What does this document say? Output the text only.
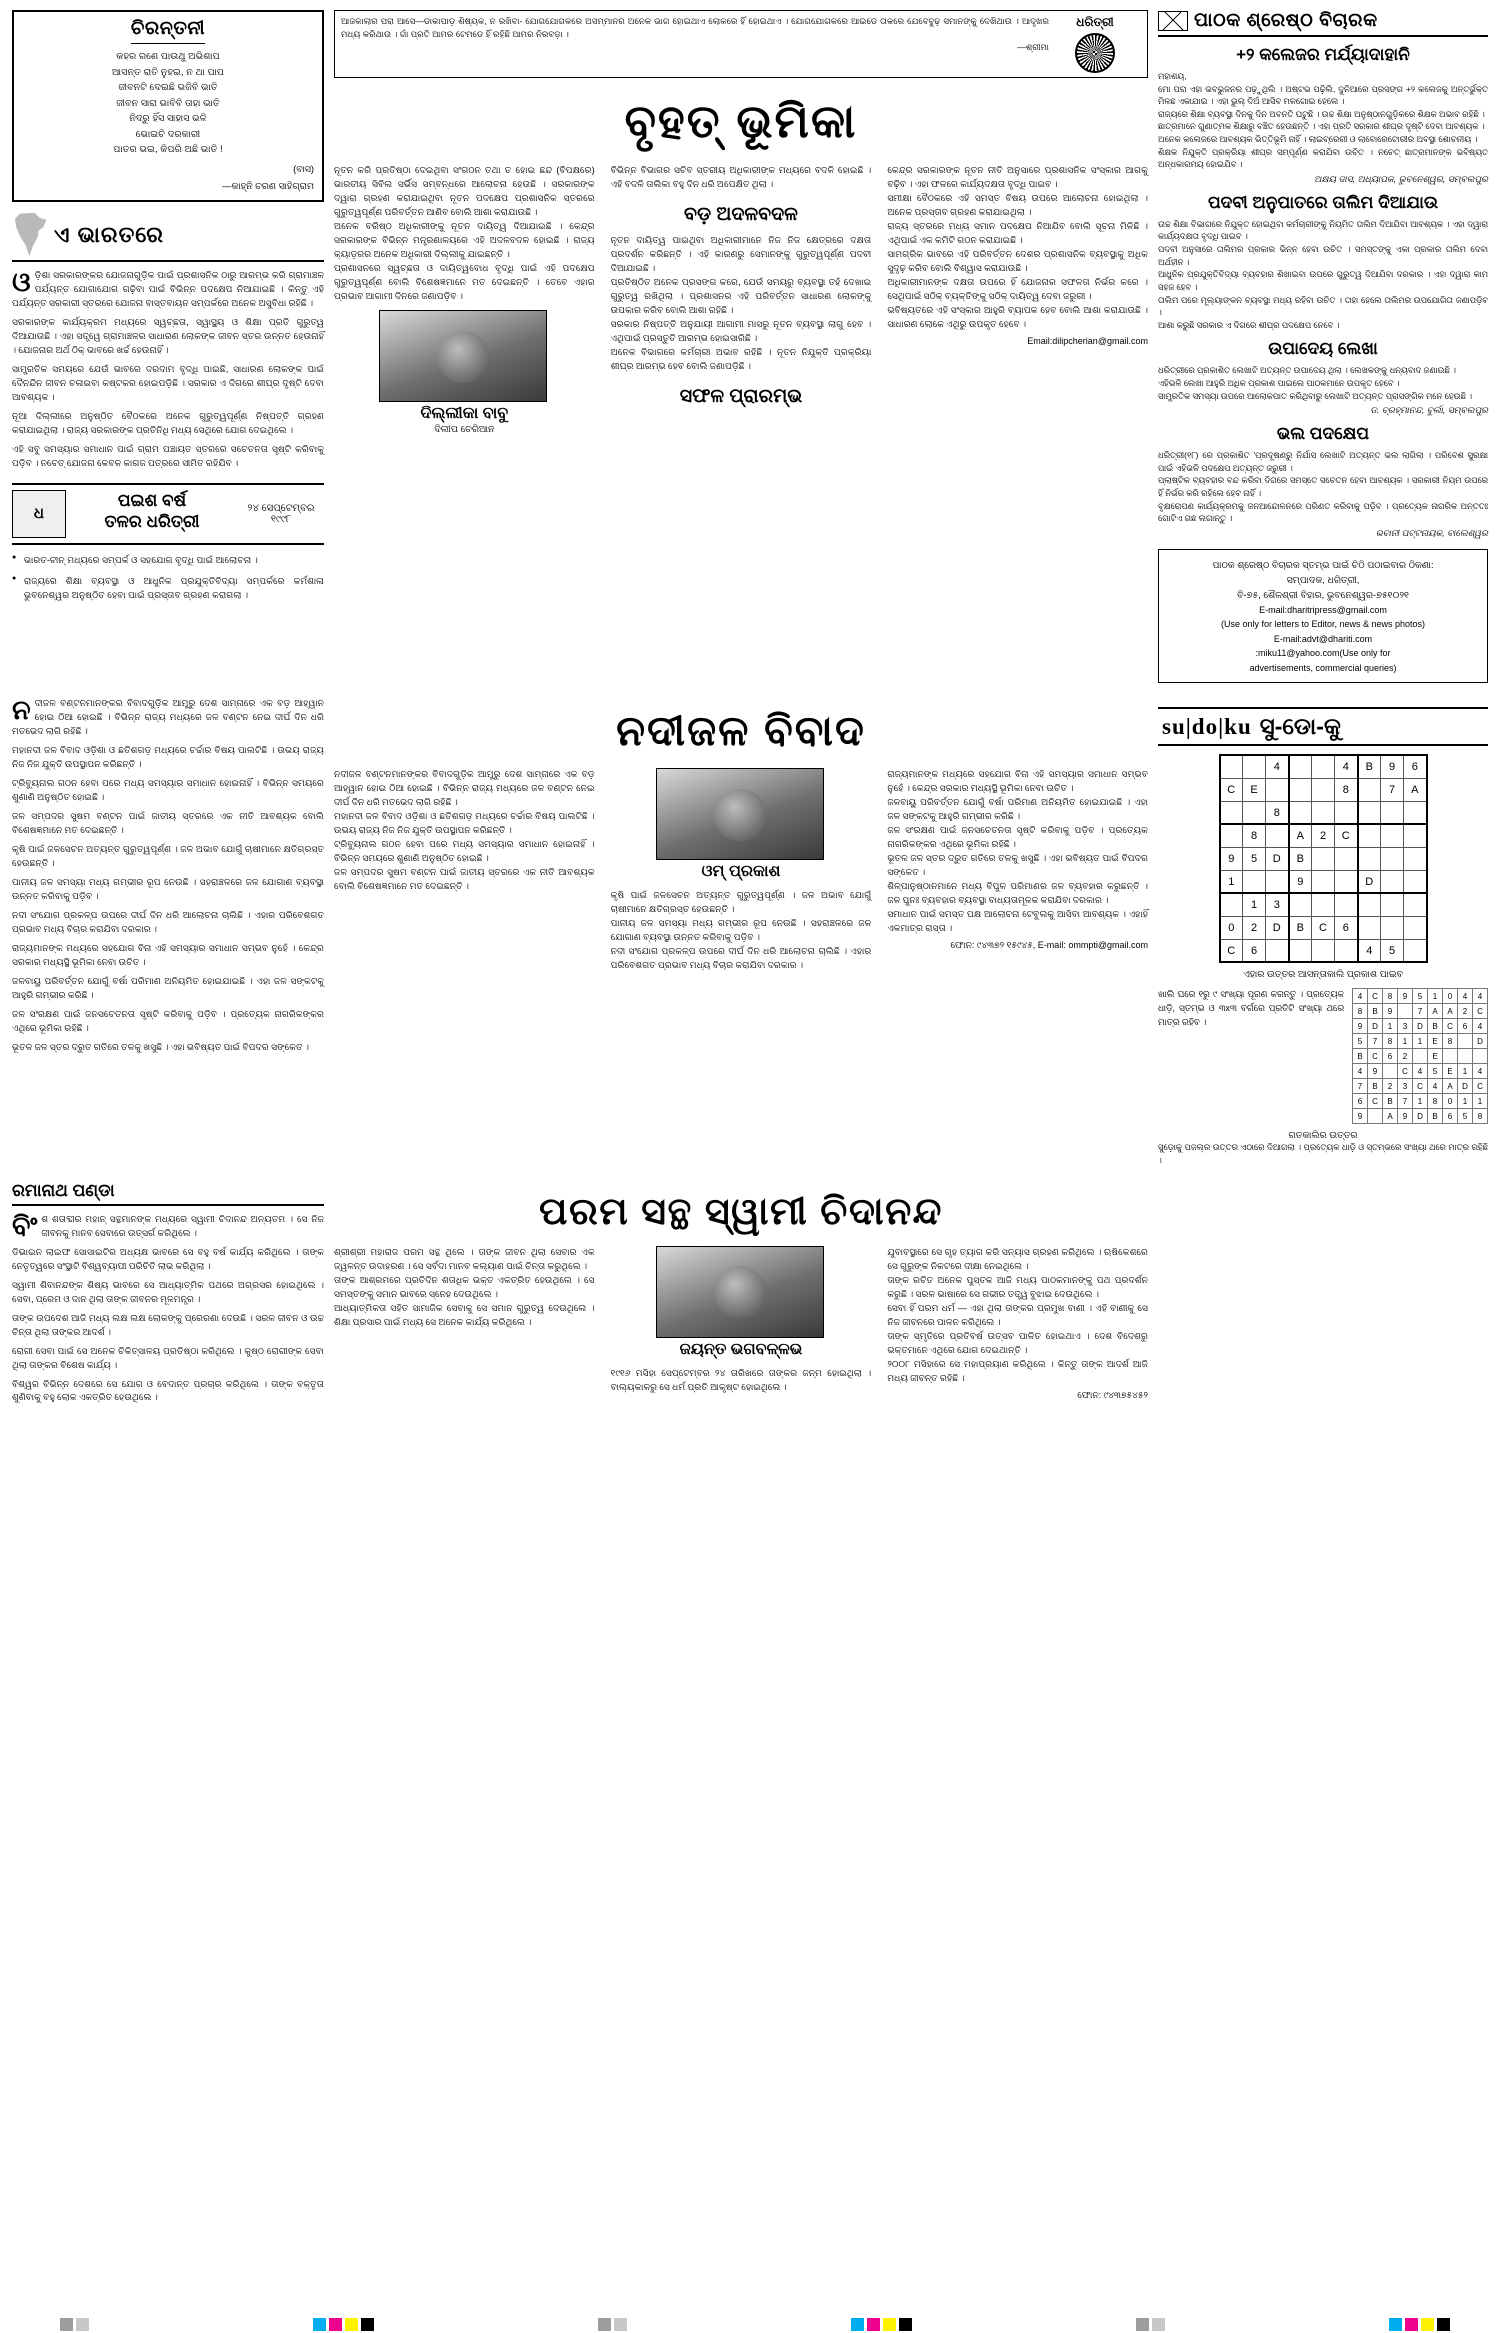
ଚିରନ୍ତନୀ
କହର ରଣେ ପାଉଥୁ ଅଭିଶାପ
ଆସନ୍ତ ରାତି ନୁହଇ, ନ ଥା ପାପ
ଜୀବନଟି ଦେଇଛି ଭଜିବି ଭାତି
ଜୀବନ ସାରା ଭାବିବି ତାହା ଭାତି
ନିଦ୍ରୁ ହିଁସ ସାହାସ ଭଳି
ଭୋଇଚି ଦରକାରୀ
ପାତର ଭଇ, କିପରି ଅଛି ଭାତି !
(ବାସ)
—କାହ୍ନି ଚରଣ ସାହିଗ୍ରାମ
ଏ ଭାରତରେ
ଓଡ଼ିଶା ସରକାରଙ୍କର ଯୋଜନାଗୁଡ଼ିକ ପାଇଁ ପ୍ରଶାସନିକ ଠାରୁ ଆରମ୍ଭ କରି ଗ୍ରାମାଞ୍ଚଳ ପର୍ଯ୍ୟନ୍ତ ଯୋଗାଯୋଗ ଗଢ଼ିବା ପାଇଁ ବିଭିନ୍ନ ପଦକ୍ଷେପ ନିଆଯାଇଛି । କିନ୍ତୁ ଏହି ପର୍ଯ୍ୟନ୍ତ ସରକାରୀ ସ୍ତରରେ ଯୋଜନା ବାସ୍ତବାୟନ ସମ୍ପର୍କରେ ଅନେକ ଅସୁବିଧା ରହିଛି ।
ସରକାରଙ୍କ କାର୍ଯ୍ୟକ୍ରମ ମଧ୍ୟରେ ସ୍ୱଚ୍ଛତା, ସ୍ୱାସ୍ଥ୍ୟ ଓ ଶିକ୍ଷା ପ୍ରତି ଗୁରୁତ୍ୱ ଦିଆଯାଉଛି । ଏହା ସତ୍ତ୍ୱେ ଗ୍ରାମାଞ୍ଚଳର ସାଧାରଣ ଲୋକଙ୍କ ଜୀବନ ସ୍ତର ଉନ୍ନତ ହେଉନାହିଁ । ଯୋଜନାର ଅର୍ଥ ଠିକ୍ ଭାବରେ ଖର୍ଚ୍ଚ ହେଉନାହିଁ ।
ସାମ୍ପ୍ରତିକ ସମୟରେ ଯେଉଁ ଭାବରେ ଦରଦାମ ବୃଦ୍ଧି ପାଇଛି, ସାଧାରଣ ଲୋକଙ୍କ ପାଇଁ ଦୈନନ୍ଦିନ ଜୀବନ ଚଳାଇବା କଷ୍ଟକର ହୋଇପଡ଼ିଛି । ସରକାର ଏ ଦିଗରେ ଶୀଘ୍ର ଦୃଷ୍ଟି ଦେବା ଆବଶ୍ୟକ ।
ନୂଆ ଦିଲ୍ଲୀରେ ଅନୁଷ୍ଠିତ ବୈଠକରେ ଅନେକ ଗୁରୁତ୍ୱପୂର୍ଣ୍ଣ ନିଷ୍ପତ୍ତି ଗ୍ରହଣ କରାଯାଇଥିଲା । ରାଜ୍ୟ ସରକାରଙ୍କ ପ୍ରତିନିଧି ମଧ୍ୟ ସେଥିରେ ଯୋଗ ଦେଇଥିଲେ ।
ଏହି ସବୁ ସମସ୍ୟାର ସମାଧାନ ପାଇଁ ଗ୍ରାମ ପଞ୍ଚାୟତ ସ୍ତରରେ ସଚେତନତା ସୃଷ୍ଟି କରିବାକୁ ପଡ଼ିବ । ନଚେତ୍ ଯୋଜନା କେବଳ କାଗଜ ପତ୍ରରେ ସୀମିତ ରହିଯିବ ।
ଧ
ପଇଶ ବର୍ଷ
ତଳର ଧରିତ୍ରୀ
୨୪ ସେପ୍ଟେମ୍ବର ୧୯୯୮
● ଭାରତ-ଚୀନ୍ ମଧ୍ୟରେ ସମ୍ପର୍କ ଓ ସହଯୋଗ ବୃଦ୍ଧି ପାଇଁ ଆଲୋଚନା ।
● ରାଜ୍ୟରେ ଶିକ୍ଷା ବ୍ୟବସ୍ଥା ଓ ଆଧୁନିକ ପ୍ରଯୁକ୍ତିବିଦ୍ୟା ସମ୍ପର୍କରେ କର୍ମଶାଳା ଭୁବନେଶ୍ୱର ଅନୁଷ୍ଠିତ ହେବା ପାଇଁ ପ୍ରସ୍ତାବ ଗ୍ରହଣ କରାଗଲା ।
ଆଜକାଲାର ପରା ଆସେ—ଡାକାପାଡ଼ ଶିଷ୍ୟକ, ନ ରଖିବା- ଯୋଗଯୋଗକରେ ଅସମ୍ମାନର ଅନେକ ଭାଗ ହୋଇଥାଏ ଲୋକରେ ହିଁ ହୋଇଥାଏ । ଯୋଗଯୋଗକରେ ଆଇଡେ ତାକରେ ଯେବେବୁଢ଼ ସମାନଙ୍କୁ ଦେଖିଥାଉ । ଆଦୃଖର ମଧ୍ୟ କରିଥାଉ । ଗାଁ ପ୍ରତି ଆମର ଟେମଡେ ହିଁ ରହିଛି ଆମର ନିରବଡ଼ା ।
—ଶ୍ରୀମା
ଧରିତ୍ରୀ
ବୃହତ୍ ଭୂମିକା
ନୂତନ କରି ପ୍ରତିଷ୍ଠା ଦେଇଥିବା ସଂଗଠନ ତଥା ତ ହୋଇ ଛନ୍ଦ (ବିପକ୍ଷରେ) ଭାରତୀୟ ସିବିଲ ସର୍ଭିସ ସମ୍ବନ୍ଧରେ ଆଲୋଚନା ହେଉଛି । ସରକାରଙ୍କ ଦ୍ୱାରା ଗ୍ରହଣ କରାଯାଇଥିବା ନୂତନ ପଦକ୍ଷେପ ପ୍ରଶାସନିକ ସ୍ତରରେ ଗୁରୁତ୍ୱପୂର୍ଣ୍ଣ ପରିବର୍ତ୍ତନ ଆଣିବ ବୋଲି ଆଶା କରାଯାଉଛି ।
ଅନେକ ବରିଷ୍ଠ ଅଧିକାରୀଙ୍କୁ ନୂତନ ଦାୟିତ୍ୱ ଦିଆଯାଇଛି । କେନ୍ଦ୍ର ସରକାରଙ୍କ ବିଭିନ୍ନ ମନ୍ତ୍ରଣାଳୟରେ ଏହି ଅଦଳବଦଳ ହୋଇଛି । ରାଜ୍ୟ କ୍ୟାଡ଼ରର ଅନେକ ଅଧିକାରୀ ଦିଲ୍ଲୀକୁ ଯାଇଛନ୍ତି ।
ପ୍ରଶାସନରେ ସ୍ୱଚ୍ଛତା ଓ ଦାୟିତ୍ୱବୋଧ ବୃଦ୍ଧି ପାଇଁ ଏହି ପଦକ୍ଷେପ ଗୁରୁତ୍ୱପୂର୍ଣ୍ଣ ବୋଲି ବିଶେଷଜ୍ଞମାନେ ମତ ଦେଇଛନ୍ତି । ତେବେ ଏହାର ପ୍ରଭାବ ଆଗାମୀ ଦିନରେ ଜଣାପଡ଼ିବ ।
ଦିଲ୍ଲୀକା ବାବୁ
ଦିଲୀପ ଚେରିଆନ
ବିଭିନ୍ନ ବିଭାଗର ସଚିବ ସ୍ତରୀୟ ଅଧିକାରୀଙ୍କ ମଧ୍ୟରେ ବଦଳି ହୋଇଛି । ଏହି ବଦଳି ତାଲିକା ବହୁ ଦିନ ଧରି ଅପେକ୍ଷିତ ଥିଲା ।
ବଡ଼ ଅଦଳବଦଳ
ନୂତନ ଦାୟିତ୍ୱ ପାଇଥିବା ଅଧିକାରୀମାନେ ନିଜ ନିଜ କ୍ଷେତ୍ରରେ ଦକ୍ଷତା ପ୍ରଦର୍ଶନ କରିଛନ୍ତି । ଏହି କାରଣରୁ ସେମାନଙ୍କୁ ଗୁରୁତ୍ୱପୂର୍ଣ୍ଣ ପଦବୀ ଦିଆଯାଇଛି ।
ପ୍ରତିଷ୍ଠିତ ଅନେକ ପ୍ରସଙ୍ଗ କରେ, ଯେଉଁ ସମୟରୁ ବ୍ୟବସ୍ଥା ତହଁ ଦେଖାଇ ଗୁରୁତ୍ୱ ରଖିଥିଲା । ପ୍ରଶାସନର ଏହି ପରିବର୍ତ୍ତନ ସାଧାରଣ ଲୋକଙ୍କୁ ଉପକାର କରିବ ବୋଲି ଆଶା ରହିଛି ।
ସରକାର ନିଷ୍ପତ୍ତି ଅନୁଯାୟୀ ଆଗାମୀ ମାସରୁ ନୂତନ ବ୍ୟବସ୍ଥା ଲାଗୁ ହେବ । ଏଥିପାଇଁ ପ୍ରସ୍ତୁତି ଆରମ୍ଭ ହୋଇସାରିଛି ।
ଅନେକ ବିଭାଗରେ କର୍ମଚାରୀ ଅଭାବ ରହିଛି । ନୂତନ ନିଯୁକ୍ତି ପ୍ରକ୍ରିୟା ଶୀଘ୍ର ଆରମ୍ଭ ହେବ ବୋଲି ଜଣାପଡ଼ିଛି ।
ସଫଳ ପ୍ରାରମ୍ଭ
କେନ୍ଦ୍ର ସରକାରଙ୍କ ନୂତନ ନୀତି ଅନୁସାରେ ପ୍ରଶାସନିକ ସଂସ୍କାର ଆଗକୁ ବଢ଼ିବ । ଏହା ଫଳରେ କାର୍ଯ୍ୟଦକ୍ଷତା ବୃଦ୍ଧି ପାଇବ ।
ସମୀକ୍ଷା ବୈଠକରେ ଏହି ସମସ୍ତ ବିଷୟ ଉପରେ ଆଲୋଚନା ହୋଇଥିଲା । ଅନେକ ପ୍ରସ୍ତାବ ଗ୍ରହଣ କରାଯାଇଥିଲା ।
ରାଜ୍ୟ ସ୍ତରରେ ମଧ୍ୟ ସମାନ ପଦକ୍ଷେପ ନିଆଯିବ ବୋଲି ସୂଚନା ମିଳିଛି । ଏଥିପାଇଁ ଏକ କମିଟି ଗଠନ କରାଯାଇଛି ।
ସାମଗ୍ରିକ ଭାବରେ ଏହି ପରିବର୍ତ୍ତନ ଦେଶର ପ୍ରଶାସନିକ ବ୍ୟବସ୍ଥାକୁ ଅଧିକ ସୁଦୃଢ଼ କରିବ ବୋଲି ବିଶ୍ୱାସ କରାଯାଉଛି ।
ଅଧିକାରୀମାନଙ୍କ ଦକ୍ଷତା ଉପରେ ହିଁ ଯୋଜନାର ସଫଳତା ନିର୍ଭର କରେ । ସେଥିପାଇଁ ସଠିକ୍ ବ୍ୟକ୍ତିଙ୍କୁ ସଠିକ୍ ଦାୟିତ୍ୱ ଦେବା ଜରୁରୀ ।
ଭବିଷ୍ୟତରେ ଏହି ସଂସ୍କାର ଆହୁରି ବ୍ୟାପକ ହେବ ବୋଲି ଆଶା କରାଯାଉଛି । ସାଧାରଣ ଲୋକେ ଏଥିରୁ ଉପକୃତ ହେବେ ।
Email:dilipcherian@gmail.com
ପାଠକ ଶ୍ରେଷ୍ଠ ବିଚାରକ
+୨ କଲେଜର ମର୍ଯ୍ୟାଦାହାନି
ମହାଶୟ,
ମୋ ପରା ଏହା ଭବଭୁଜନର ପଢ଼ୁଥିଲି । ଅଷ୍ଟଭ ପଢ଼ିଲି, ଦୁନିଆରେ ପ୍ରସଙ୍ଗ +୨ କଲେଜକୁ ଅନ୍ତର୍ଭୁକ୍ତ ମିଳଛ ଏକାଯାଇ । ଏହା ଭୁଲ୍ ଦିଅଁ ଆସିବ ମଳଗୋଇ ହେଲେ ।
ରାଜ୍ୟରେ ଶିକ୍ଷା ବ୍ୟବସ୍ଥା ଦିନକୁ ଦିନ ଅବନତି ଘଟୁଛି । ଉଚ୍ଚ ଶିକ୍ଷା ଅନୁଷ୍ଠାନଗୁଡ଼ିକରେ ଶିକ୍ଷକ ଅଭାବ ରହିଛି ।
ଛାତ୍ରମାନେ ଗୁଣାତ୍ମକ ଶିକ୍ଷାରୁ ବଞ୍ଚିତ ହେଉଛନ୍ତି । ଏହା ପ୍ରତି ସରକାର ଶୀଘ୍ର ଦୃଷ୍ଟି ଦେବା ଆବଶ୍ୟକ ।
ଅନେକ କଲେଜରେ ଆବଶ୍ୟକ ଭିତ୍ତିଭୂମି ନାହିଁ । ଲାଇବ୍ରେରୀ ଓ ଲାବୋରେଟୋରୀର ଅବସ୍ଥା ଶୋଚନୀୟ ।
ଶିକ୍ଷକ ନିଯୁକ୍ତି ପ୍ରକ୍ରିୟା ଶୀଘ୍ର ସମ୍ପୂର୍ଣ୍ଣ କରାଯିବା ଉଚିତ । ନଚେତ୍ ଛାତ୍ରମାନଙ୍କ ଭବିଷ୍ୟତ ଅନ୍ଧକାରମୟ ହୋଇଯିବ ।
ଅକ୍ଷୟ ଦାସ, ଅଧ୍ୟାପକ, ଭୁବନେଶ୍ୱର, ସମ୍ବଲପୁର
ପଦବୀ ଅନୁପାତରେ ତାଲିମ ଦିଆଯାଉ
ଉଚ୍ଚ ଶିକ୍ଷା ବିଭାଗରେ ନିଯୁକ୍ତ ହୋଇଥିବା କର୍ମଚାରୀଙ୍କୁ ନିୟମିତ ତାଲିମ ଦିଆଯିବା ଆବଶ୍ୟକ । ଏହା ଦ୍ୱାରା କାର୍ଯ୍ୟଦକ୍ଷତା ବୃଦ୍ଧି ପାଇବ ।
ପଦବୀ ଅନୁସାରେ ତାଲିମର ପ୍ରକାର ଭିନ୍ନ ହେବା ଉଚିତ । ସମସ୍ତଙ୍କୁ ଏକା ପ୍ରକାର ତାଲିମ ଦେବା ଅର୍ଥହୀନ ।
ଆଧୁନିକ ପ୍ରଯୁକ୍ତିବିଦ୍ୟା ବ୍ୟବହାର ଶିଖାଇବା ଉପରେ ଗୁରୁତ୍ୱ ଦିଆଯିବା ଦରକାର । ଏହା ଦ୍ୱାରା କାମ ସହଜ ହେବ ।
ତାଲିମ ପରେ ମୂଲ୍ୟାଙ୍କନ ବ୍ୟବସ୍ଥା ମଧ୍ୟ ରହିବା ଉଚିତ । ତାହା ହେଲେ ତାଲିମର ଉପଯୋଗିତା ଜଣାପଡ଼ିବ ।
ଆଶା କରୁଛି ସରକାର ଏ ଦିଗରେ ଶୀଘ୍ର ପଦକ୍ଷେପ ନେବେ ।
ଉପାଦେୟ ଲେଖା
ଧରିତ୍ରୀରେ ପ୍ରକାଶିତ ଲେଖାଟି ଅତ୍ୟନ୍ତ ଉପାଦେୟ ଥିଲା । ଲେଖକଙ୍କୁ ଧନ୍ୟବାଦ ଜଣାଉଛି ।
ଏହିଭଳି ଲେଖା ଆହୁରି ଅଧିକ ପ୍ରକାଶ ପାଇଲେ ପାଠକମାନେ ଉପକୃତ ହେବେ ।
ସାମ୍ପ୍ରତିକ ସମସ୍ୟା ଉପରେ ଆଲୋକପାତ କରିଥିବାରୁ ଲେଖାଟି ଅତ୍ୟନ୍ତ ପ୍ରାସଙ୍ଗିକ ମନେ ହେଉଛି ।
ଡ. ବ୍ରହ୍ମାନନ୍ଦ, ବୁର୍ଲା, ସମ୍ବଲପୁର
ଭଲ ପଦକ୍ଷେପ
ଧରିତ୍ରୀ(୧୮) ରେ ପ୍ରକାଶିତ 'ପ୍ରଦୂଷଣରୁ ନିର୍ଯାସ ଲେଖାଟି ଅତ୍ୟନ୍ତ ଭଲ ଲାଗିଲା । ପରିବେଶ ସୁରକ୍ଷା ପାଇଁ ଏହିଭଳି ପଦକ୍ଷେପ ଅତ୍ୟନ୍ତ ଜରୁରୀ ।
ପ୍ଲାଷ୍ଟିକ ବ୍ୟବହାର ବନ୍ଦ କରିବା ଦିଗରେ ସମସ୍ତେ ସଚେତନ ହେବା ଆବଶ୍ୟକ । ସରକାରୀ ନିୟମ ଉପରେ ହିଁ ନିର୍ଭର କରି ରହିଲେ ହେବ ନାହିଁ ।
ବୃକ୍ଷରୋପଣ କାର୍ଯ୍ୟକ୍ରମକୁ ଜନଆନ୍ଦୋଳନରେ ପରିଣତ କରିବାକୁ ପଡ଼ିବ । ପ୍ରତ୍ୟେକ ନାଗରିକ ଅନ୍ତତଃ ଗୋଟିଏ ଗଛ ଲଗାନ୍ତୁ ।
ଭବାନୀ ପଟ୍ଟନାୟକ, ବାଲେଶ୍ୱର
ପାଠକ ଶ୍ରେଷ୍ଠ ବିଚାରକ ସ୍ତମ୍ଭ ପାଇଁ ଚିଠି ପଠାଇବାର ଠିକଣା:
ସମ୍ପାଦକ, ଧରିତ୍ରୀ,
ବି-୭୫, ଶୈଳଶ୍ରୀ ବିହାର, ଭୁବନେଶ୍ୱର-୭୫୧୦୨୧
E-mail:dharitripress@gmail.com
(Use only for letters to Editor, news & news photos)
E-mail:advt@dhariti.com
:miku11@yahoo.com(Use only for
advertisements, commercial queries)
ନଦୀଜଳ ବଣ୍ଟନମାନଙ୍କର ବିବାଦଗୁଡ଼ିକ ଆମ୍ମ୍ରୁ ଦେଶ ସାମ୍ନାରେ ଏକ ବଡ଼ ଆହ୍ୱାନ ହୋଇ ଠିଆ ହୋଇଛି । ବିଭିନ୍ନ ରାଜ୍ୟ ମଧ୍ୟରେ ଜଳ ବଣ୍ଟନ ନେଇ ଦୀର୍ଘ ଦିନ ଧରି ମତଭେଦ ଲାଗି ରହିଛି ।
ମହାନଦୀ ଜଳ ବିବାଦ ଓଡ଼ିଶା ଓ ଛତିଶଗଡ଼ ମଧ୍ୟରେ ଚର୍ଚ୍ଚାର ବିଷୟ ପାଲଟିଛି । ଉଭୟ ରାଜ୍ୟ ନିଜ ନିଜ ଯୁକ୍ତି ଉପସ୍ଥାପନ କରିଛନ୍ତି ।
ଟ୍ରିବ୍ୟୁନାଲ ଗଠନ ହେବା ପରେ ମଧ୍ୟ ସମସ୍ୟାର ସମାଧାନ ହୋଇନାହିଁ । ବିଭିନ୍ନ ସମୟରେ ଶୁଣାଣି ଅନୁଷ୍ଠିତ ହୋଇଛି ।
ଜଳ ସମ୍ପଦର ସୁଷମ ବଣ୍ଟନ ପାଇଁ ଜାତୀୟ ସ୍ତରରେ ଏକ ନୀତି ଆବଶ୍ୟକ ବୋଲି ବିଶେଷଜ୍ଞମାନେ ମତ ଦେଇଛନ୍ତି ।
କୃଷି ପାଇଁ ଜଳସେଚନ ଅତ୍ୟନ୍ତ ଗୁରୁତ୍ୱପୂର୍ଣ୍ଣ । ଜଳ ଅଭାବ ଯୋଗୁଁ ଚାଷୀମାନେ କ୍ଷତିଗ୍ରସ୍ତ ହେଉଛନ୍ତି ।
ପାନୀୟ ଜଳ ସମସ୍ୟା ମଧ୍ୟ ଗମ୍ଭୀର ରୂପ ନେଉଛି । ସହରାଞ୍ଚଳରେ ଜଳ ଯୋଗାଣ ବ୍ୟବସ୍ଥା ଉନ୍ନତ କରିବାକୁ ପଡ଼ିବ ।
ନଦୀ ସଂଯୋଗ ପ୍ରକଳ୍ପ ଉପରେ ଦୀର୍ଘ ଦିନ ଧରି ଆଲୋଚନା ଚାଲିଛି । ଏହାର ପରିବେଶଗତ ପ୍ରଭାବ ମଧ୍ୟ ବିଚାର କରାଯିବା ଦରକାର ।
ରାଜ୍ୟମାନଙ୍କ ମଧ୍ୟରେ ସହଯୋଗ ବିନା ଏହି ସମସ୍ୟାର ସମାଧାନ ସମ୍ଭବ ନୁହେଁ । କେନ୍ଦ୍ର ସରକାର ମଧ୍ୟସ୍ଥି ଭୂମିକା ନେବା ଉଚିତ ।
ଜଳବାୟୁ ପରିବର୍ତ୍ତନ ଯୋଗୁଁ ବର୍ଷା ପରିମାଣ ଅନିୟମିତ ହୋଇଯାଇଛି । ଏହା ଜଳ ସଙ୍କଟକୁ ଆହୁରି ଗମ୍ଭୀର କରିଛି ।
ଜଳ ସଂରକ୍ଷଣ ପାଇଁ ଜନସଚେତନତା ସୃଷ୍ଟି କରିବାକୁ ପଡ଼ିବ । ପ୍ରତ୍ୟେକ ନାଗରିକଙ୍କର ଏଥିରେ ଭୂମିକା ରହିଛି ।
ଭୂତଳ ଜଳ ସ୍ତର ଦ୍ରୁତ ଗତିରେ ତଳକୁ ଖସୁଛି । ଏହା ଭବିଷ୍ୟତ ପାଇଁ ବିପଦର ସଙ୍କେତ ।
ନଦୀଜଳ ବିବାଦ
ନଦୀଜଳ ବଣ୍ଟନମାନଙ୍କର ବିବାଦଗୁଡ଼ିକ ଆମ୍ମ୍ରୁ ଦେଶ ସାମ୍ନାରେ ଏକ ବଡ଼ ଆହ୍ୱାନ ହୋଇ ଠିଆ ହୋଇଛି । ବିଭିନ୍ନ ରାଜ୍ୟ ମଧ୍ୟରେ ଜଳ ବଣ୍ଟନ ନେଇ ଦୀର୍ଘ ଦିନ ଧରି ମତଭେଦ ଲାଗି ରହିଛି ।
ମହାନଦୀ ଜଳ ବିବାଦ ଓଡ଼ିଶା ଓ ଛତିଶଗଡ଼ ମଧ୍ୟରେ ଚର୍ଚ୍ଚାର ବିଷୟ ପାଲଟିଛି । ଉଭୟ ରାଜ୍ୟ ନିଜ ନିଜ ଯୁକ୍ତି ଉପସ୍ଥାପନ କରିଛନ୍ତି ।
ଟ୍ରିବ୍ୟୁନାଲ ଗଠନ ହେବା ପରେ ମଧ୍ୟ ସମସ୍ୟାର ସମାଧାନ ହୋଇନାହିଁ । ବିଭିନ୍ନ ସମୟରେ ଶୁଣାଣି ଅନୁଷ୍ଠିତ ହୋଇଛି ।
ଜଳ ସମ୍ପଦର ସୁଷମ ବଣ୍ଟନ ପାଇଁ ଜାତୀୟ ସ୍ତରରେ ଏକ ନୀତି ଆବଶ୍ୟକ ବୋଲି ବିଶେଷଜ୍ଞମାନେ ମତ ଦେଇଛନ୍ତି ।
ଓମ୍ ପ୍ରକାଶ
କୃଷି ପାଇଁ ଜଳସେଚନ ଅତ୍ୟନ୍ତ ଗୁରୁତ୍ୱପୂର୍ଣ୍ଣ । ଜଳ ଅଭାବ ଯୋଗୁଁ ଚାଷୀମାନେ କ୍ଷତିଗ୍ରସ୍ତ ହେଉଛନ୍ତି ।
ପାନୀୟ ଜଳ ସମସ୍ୟା ମଧ୍ୟ ଗମ୍ଭୀର ରୂପ ନେଉଛି । ସହରାଞ୍ଚଳରେ ଜଳ ଯୋଗାଣ ବ୍ୟବସ୍ଥା ଉନ୍ନତ କରିବାକୁ ପଡ଼ିବ ।
ନଦୀ ସଂଯୋଗ ପ୍ରକଳ୍ପ ଉପରେ ଦୀର୍ଘ ଦିନ ଧରି ଆଲୋଚନା ଚାଲିଛି । ଏହାର ପରିବେଶଗତ ପ୍ରଭାବ ମଧ୍ୟ ବିଚାର କରାଯିବା ଦରକାର ।
ରାଜ୍ୟମାନଙ୍କ ମଧ୍ୟରେ ସହଯୋଗ ବିନା ଏହି ସମସ୍ୟାର ସମାଧାନ ସମ୍ଭବ ନୁହେଁ । କେନ୍ଦ୍ର ସରକାର ମଧ୍ୟସ୍ଥି ଭୂମିକା ନେବା ଉଚିତ ।
ଜଳବାୟୁ ପରିବର୍ତ୍ତନ ଯୋଗୁଁ ବର୍ଷା ପରିମାଣ ଅନିୟମିତ ହୋଇଯାଇଛି । ଏହା ଜଳ ସଙ୍କଟକୁ ଆହୁରି ଗମ୍ଭୀର କରିଛି ।
ଜଳ ସଂରକ୍ଷଣ ପାଇଁ ଜନସଚେତନତା ସୃଷ୍ଟି କରିବାକୁ ପଡ଼ିବ । ପ୍ରତ୍ୟେକ ନାଗରିକଙ୍କର ଏଥିରେ ଭୂମିକା ରହିଛି ।
ଭୂତଳ ଜଳ ସ୍ତର ଦ୍ରୁତ ଗତିରେ ତଳକୁ ଖସୁଛି । ଏହା ଭବିଷ୍ୟତ ପାଇଁ ବିପଦର ସଙ୍କେତ ।
ଶିଳ୍ପାନୁଷ୍ଠାନମାନେ ମଧ୍ୟ ବିପୁଳ ପରିମାଣର ଜଳ ବ୍ୟବହାର କରୁଛନ୍ତି । ଜଳ ପୁନଃ ବ୍ୟବହାର ବ୍ୟବସ୍ଥା ବାଧ୍ୟତାମୂଳକ କରାଯିବା ଦରକାର ।
ସମାଧାନ ପାଇଁ ସମସ୍ତ ପକ୍ଷ ଆଲୋଚନା ଟେବୁଲକୁ ଆସିବା ଆବଶ୍ୟକ । ଏହାହିଁ ଏକମାତ୍ର ରାସ୍ତା ।
ଫୋନ: ୯୪୩୭୨ ୧୫୯୪୫, E-mail: ommpti@gmail.com
su|do|ku ସୁ-ଡୋ-କୁ
		4			4	B	9	6
C	E				8		7	A
		8						
	8		A	2	C			
9	5	D	B					
1			9			D		
	1	3						
0	2	D	B	C	6			
C	6					4	5	
ଏହାର ଉତ୍ତର ଆସନ୍ତାକାଲି ପ୍ରକାଶ ପାଇବ
ଖାଲି ଘରେ ୧ରୁ ୯ ସଂଖ୍ୟା ପୂରଣ କରନ୍ତୁ । ପ୍ରତ୍ୟେକ ଧାଡ଼ି, ସ୍ତମ୍ଭ ଓ ୩x୩ ବର୍ଗରେ ପ୍ରତିଟି ସଂଖ୍ୟା ଥରେ ମାତ୍ର ରହିବ ।
4	C	8	9	5	1	0	4	4
8	B	9		7	A	A	2	C
9	D	1	3	D	B	C	6	4
5	7	8	1	1	E	8		D
B	C	6	2		E			
4	9		C	4	5	E	1	4
7	B	2	3	C	4	A	D	C
6	C	B	7	1	8	0	1	1
9		A	9	D	B	6	5	8
ଗତକାଲିର ଉତ୍ତର
ସୁଡ଼ୋକୁ ପଜଲ୍‌ର ଉତ୍ତର ଏଠାରେ ଦିଆଗଲା । ପ୍ରତ୍ୟେକ ଧାଡ଼ି ଓ ସ୍ତମ୍ଭରେ ସଂଖ୍ୟା ଥରେ ମାତ୍ର ରହିଛି ।
ରମାନାଥ ପଣ୍ଡା
ବିଂଶ ଶତାବ୍ଦୀର ମହାନ୍ ସନ୍ଥମାନଙ୍କ ମଧ୍ୟରେ ସ୍ୱାମୀ ଚିଦାନନ୍ଦ ଅନ୍ୟତମ । ସେ ନିଜ ଜୀବନକୁ ମାନବ ସେବାରେ ଉତ୍ସର୍ଗ କରିଥିଲେ ।
ଡିଭାଇନ ଲାଇଫ ସୋସାଇଟିର ଅଧ୍ୟକ୍ଷ ଭାବରେ ସେ ବହୁ ବର୍ଷ କାର୍ଯ୍ୟ କରିଥିଲେ । ତାଙ୍କ ନେତୃତ୍ୱରେ ସଂସ୍ଥାଟି ବିଶ୍ୱବ୍ୟାପୀ ପରିଚିତି ଲାଭ କରିଥିଲା ।
ସ୍ୱାମୀ ଶିବାନନ୍ଦଙ୍କ ଶିଷ୍ୟ ଭାବରେ ସେ ଆଧ୍ୟାତ୍ମିକ ପଥରେ ଅଗ୍ରସର ହୋଇଥିଲେ । ସେବା, ପ୍ରେମ ଓ ଦାନ ଥିଲା ତାଙ୍କ ଜୀବନର ମୂଳମନ୍ତ୍ର ।
ତାଙ୍କ ଉପଦେଶ ଆଜି ମଧ୍ୟ ଲକ୍ଷ ଲକ୍ଷ ଲୋକଙ୍କୁ ପ୍ରେରଣା ଦେଉଛି । ସରଳ ଜୀବନ ଓ ଉଚ୍ଚ ଚିନ୍ତା ଥିଲା ତାଙ୍କର ଆଦର୍ଶ ।
ରୋଗୀ ସେବା ପାଇଁ ସେ ଅନେକ ଚିକିତ୍ସାଳୟ ପ୍ରତିଷ୍ଠା କରିଥିଲେ । କୁଷ୍ଠ ରୋଗୀଙ୍କ ସେବା ଥିଲା ତାଙ୍କର ବିଶେଷ କାର୍ଯ୍ୟ ।
ବିଶ୍ୱର ବିଭିନ୍ନ ଦେଶରେ ସେ ଯୋଗ ଓ ବେଦାନ୍ତ ପ୍ରଚାର କରିଥିଲେ । ତାଙ୍କ ବକ୍ତୃତା ଶୁଣିବାକୁ ବହୁ ଲୋକ ଏକତ୍ରିତ ହେଉଥିଲେ ।
ପରମ ସନ୍ଥ ସ୍ୱାମୀ ଚିଦାନନ୍ଦ
ଶ୍ରୀଶ୍ରୀ ମହାରାଜ ପରମ ସନ୍ଥ ଥିଲେ । ତାଙ୍କ ଜୀବନ ଥିଲା ସେବାର ଏକ ଜ୍ୱଳନ୍ତ ଉଦାହରଣ । ସେ ସର୍ବଦା ମାନବ କଲ୍ୟାଣ ପାଇଁ ଚିନ୍ତା କରୁଥିଲେ ।
ତାଙ୍କ ଆଶ୍ରମରେ ପ୍ରତିଦିନ ଶତାଧିକ ଭକ୍ତ ଏକତ୍ରିତ ହେଉଥିଲେ । ସେ ସମସ୍ତଙ୍କୁ ସମାନ ଭାବରେ ସ୍ନେହ ଦେଉଥିଲେ ।
ଆଧ୍ୟାତ୍ମିକତା ସହିତ ସାମାଜିକ ସେବାକୁ ସେ ସମାନ ଗୁରୁତ୍ୱ ଦେଉଥିଲେ । ଶିକ୍ଷା ପ୍ରସାର ପାଇଁ ମଧ୍ୟ ସେ ଅନେକ କାର୍ଯ୍ୟ କରିଥିଲେ ।
ଜୟନ୍ତ ଭଗବଳ୍ଳଭ
୧୯୧୬ ମସିହା ସେପ୍ଟେମ୍ବର ୨୪ ତାରିଖରେ ତାଙ୍କର ଜନ୍ମ ହୋଇଥିଲା । ବାଲ୍ୟକାଳରୁ ସେ ଧର୍ମ ପ୍ରତି ଆକୃଷ୍ଟ ହୋଇଥିଲେ ।
ଯୁବାବସ୍ଥାରେ ସେ ଗୃହ ତ୍ୟାଗ କରି ସନ୍ୟାସ ଗ୍ରହଣ କରିଥିଲେ । ଋଷିକେଶରେ ସେ ଗୁରୁଙ୍କ ନିକଟରେ ଦୀକ୍ଷା ନେଇଥିଲେ ।
ତାଙ୍କ ରଚିତ ଅନେକ ପୁସ୍ତକ ଆଜି ମଧ୍ୟ ପାଠକମାନଙ୍କୁ ପଥ ପ୍ରଦର୍ଶନ କରୁଛି । ସରଳ ଭାଷାରେ ସେ ଗଭୀର ତତ୍ତ୍ୱ ବୁଝାଇ ଦେଉଥିଲେ ।
ସେବା ହିଁ ପରମ ଧର୍ମ — ଏହା ଥିଲା ତାଙ୍କର ପ୍ରମୁଖ ବାଣୀ । ଏହି ବାଣୀକୁ ସେ ନିଜ ଜୀବନରେ ପାଳନ କରିଥିଲେ ।
ତାଙ୍କ ସ୍ମୃତିରେ ପ୍ରତିବର୍ଷ ଉତ୍ସବ ପାଳିତ ହୋଇଥାଏ । ଦେଶ ବିଦେଶରୁ ଭକ୍ତମାନେ ଏଥିରେ ଯୋଗ ଦେଇଥାନ୍ତି ।
୨୦୦୮ ମସିହାରେ ସେ ମହାପ୍ରୟାଣ କରିଥିଲେ । କିନ୍ତୁ ତାଙ୍କ ଆଦର୍ଶ ଆଜି ମଧ୍ୟ ଜୀବନ୍ତ ରହିଛି ।
ଫୋନ: ୯୪୩୭୫୪୫୨
